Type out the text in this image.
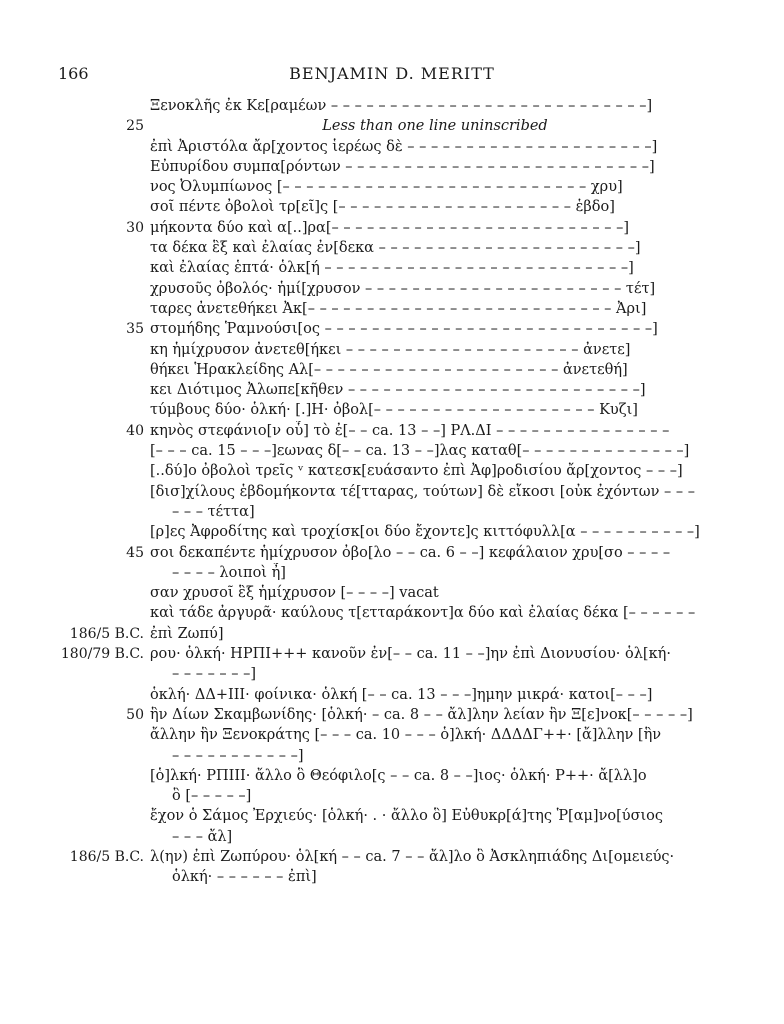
166	BENJAMIN D. MERITT
Ξενοκλῆς ἐκ Κε[ραμέων – – – – – – – – – – – – – – – – – – – – – – – – – – –]
25	Less than one line uninscribed
ἐπὶ Ἀριστόλα ἄρ[χοντος ἱερέως δὲ – – – – – – – – – – – – – – – – – – – – –]
Εὐπυρίδου συμπα[ρόντων – – – – – – – – – – – – – – – – – – – – – – – – – –]
νος Ὀλυμπίωνος [– – – – – – – – – – – – – – – – – – – – – – – – – – χρυ]
σοῖ πέντε ὀβολοὶ τρ[εῖ]ς [– – – – – – – – – – – – – – – – – – – – ἑβδο]
30 μήκοντα δύο καὶ α[..]ρα[– – – – – – – – – – – – – – – – – – – – – – – – –]
τα δέκα ἓξ καὶ ἐλαίας ἐν[δεκα – – – – – – – – – – – – – – – – – – – – – –]
καὶ ἐλαίας ἑπτά· ὁλκ[ή – – – – – – – – – – – – – – – – – – – – – – – – – –]
χρυσοῦς ὀβολός· ἡμί[χρυσον – – – – – – – – – – – – – – – – – – – – – – τέτ]
ταρες ἀνετεθήκει Ἀκ[– – – – – – – – – – – – – – – – – – – – – – – – – – Ἀρι]
35 στομήδης Ῥαμνούσι[ος – – – – – – – – – – – – – – – – – – – – – – – – – – – –]
κη ἡμίχρυσον ἀνετεθ[ήκει – – – – – – – – – – – – – – – – – – – – ἀνετε]
θήκει Ἡρακλείδης Αλ[– – – – – – – – – – – – – – – – – – – – – ἀνετεθή]
κει Διότιμος Ἀλωπε[κῆθεν – – – – – – – – – – – – – – – – – – – – – – – – –]
τύμβους δύο· ὁλκή· [.]Η· ὀβολ[– – – – – – – – – – – – – – – – – – – Κυζι]
40 κηνὸς στεφάνιο[ν οὗ] τὸ ἐ[– – ca. 13 – –] ΡΛ.ΔΙ – – – – – – – – – – – – – – –
[– – – ca. 15 – – –]εωνας δ[– – ca. 13 – –]λας καταθ[– – – – – – – – – – – – – –]
[..δύ]ο ὀβολοὶ τρεῖς ᵛ κατεσκ[ευάσαντο ἐπὶ Ἀφ]ροδισίου ἄρ[χοντος – – –]
[δισ]χίλους ἑβδομήκοντα τέ[τταρας, τούτων] δὲ εἴκοσι [οὐκ ἐχόντων – – –
– – – τέττα]
[ρ]ες Ἀφροδίτης καὶ τροχίσκ[οι δύο ἔχοντε]ς κιττόφυλλ[α – – – – – – – – – –]
45 σοι δεκαπέντε ἡμίχρυσον ὀβο[λο – – ca. 6 – –] κεφάλαιον χρυ[σο – – – –
– – – – λοιποὶ ἦ]
σαν χρυσοῖ ἓξ ἡμίχρυσον [– – – –] vacat
καὶ τάδε ἀργυρᾶ· καύλους τ[ετταράκοντ]α δύο καὶ ἐλαίας δέκα [– – – – – –
186/5 B.C. ἐπὶ Ζωπύ]
180/79 B.C. ρου· ὁλκή· ΗΡΠΙ+++ κανοῦν ἐν[– – ca. 11 – –]ην ἐπὶ Διονυσίου· ὁλ[κή·
– – – – – – –]
ὁκλή· ΔΔ+ΙΙΙ· φοίνικα· ὁλκή [– – ca. 13 – – –]ημην μικρά· κατοι[– – –]
50 ἣν Δίων Σκαμβωνίδης· [ὁλκή· – ca. 8 – – ἄλ]λην λείαν ἣν Ξ[ε]νοκ[– – – – –]
ἄλλην ἣν Ξενοκράτης [– – – ca. 10 – – – ὁ]λκή· ΔΔΔΔΓ++· [ἄ]λλην [ἣν
– – – – – – – – – – –]
[ὁ]λκή· ΡΠΙΙΙ· ἄλλο ὃ Θεόφιλο[ς – – ca. 8 – –]ιος· ὁλκή· Ρ++· ἄ[λλ]ο
ὃ [– – – – –]
ἔχον ὁ Σάμος Ἐρχιεύς· [ὁλκή· . · ἄλλο ὃ] Εὐθυκρ[ά]της Ῥ[αμ]νο[ύσιος
– – – ἄλ]
186/5 B.C. λ(ην) ἐπὶ Ζωπύρου· ὁλ[κή – – ca. 7 – – ἄλ]λο ὃ Ἀσκληπιάδης Δι[ομειεύς·
ὁλκή· – – – – – – ἐπὶ]
